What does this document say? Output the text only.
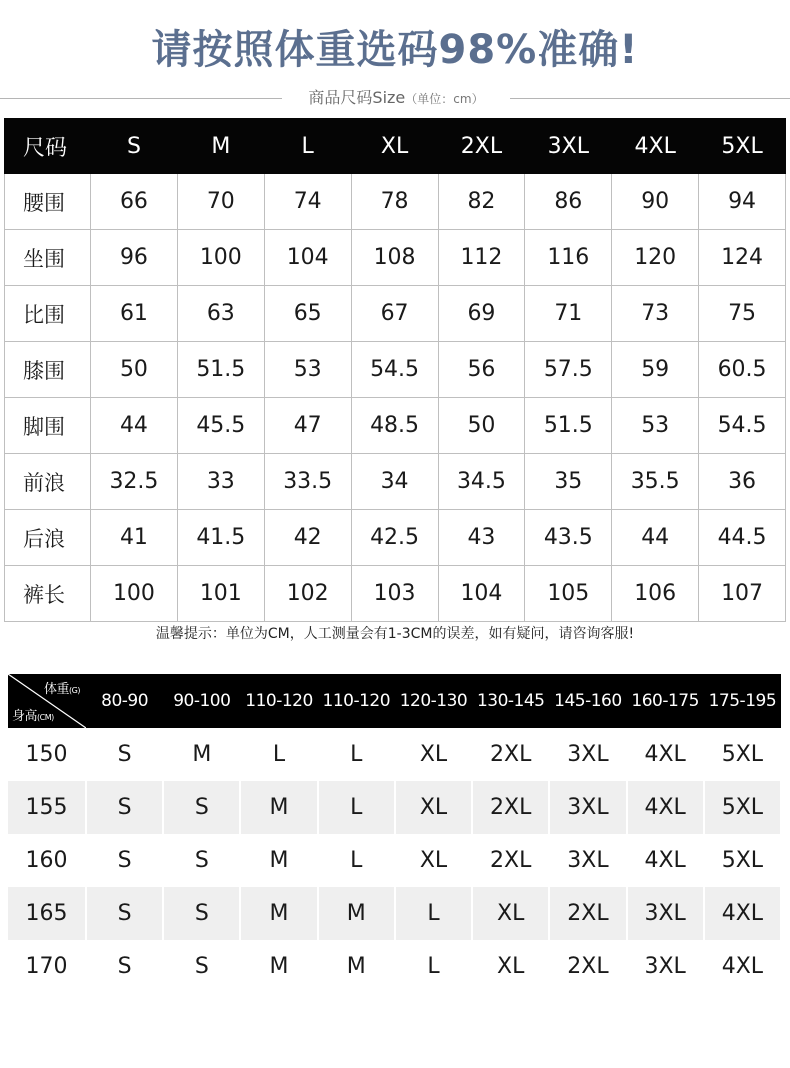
请按照体重选码98%准确!
商品尺码Size（单位：cm）
尺码	S	M	L	XL	2XL	3XL	4XL	5XL
腰围	66	70	74	78	82	86	90	94
坐围	96	100	104	108	112	116	120	124
比围	61	63	65	67	69	71	73	75
膝围	50	51.5	53	54.5	56	57.5	59	60.5
脚围	44	45.5	47	48.5	50	51.5	53	54.5
前浪	32.5	33	33.5	34	34.5	35	35.5	36
后浪	41	41.5	42	42.5	43	43.5	44	44.5
裤长	100	101	102	103	104	105	106	107
温馨提示：单位为CM，人工测量会有1-3CM的误差，如有疑问，请咨询客服!
体重(G)
身高(CM)	80-90	90-100	110-120	110-120	120-130	130-145	145-160	160-175	175-195
150	S	M	L	L	XL	2XL	3XL	4XL	5XL
155	S	S	M	L	XL	2XL	3XL	4XL	5XL
160	S	S	M	L	XL	2XL	3XL	4XL	5XL
165	S	S	M	M	L	XL	2XL	3XL	4XL
170	S	S	M	M	L	XL	2XL	3XL	4XL
